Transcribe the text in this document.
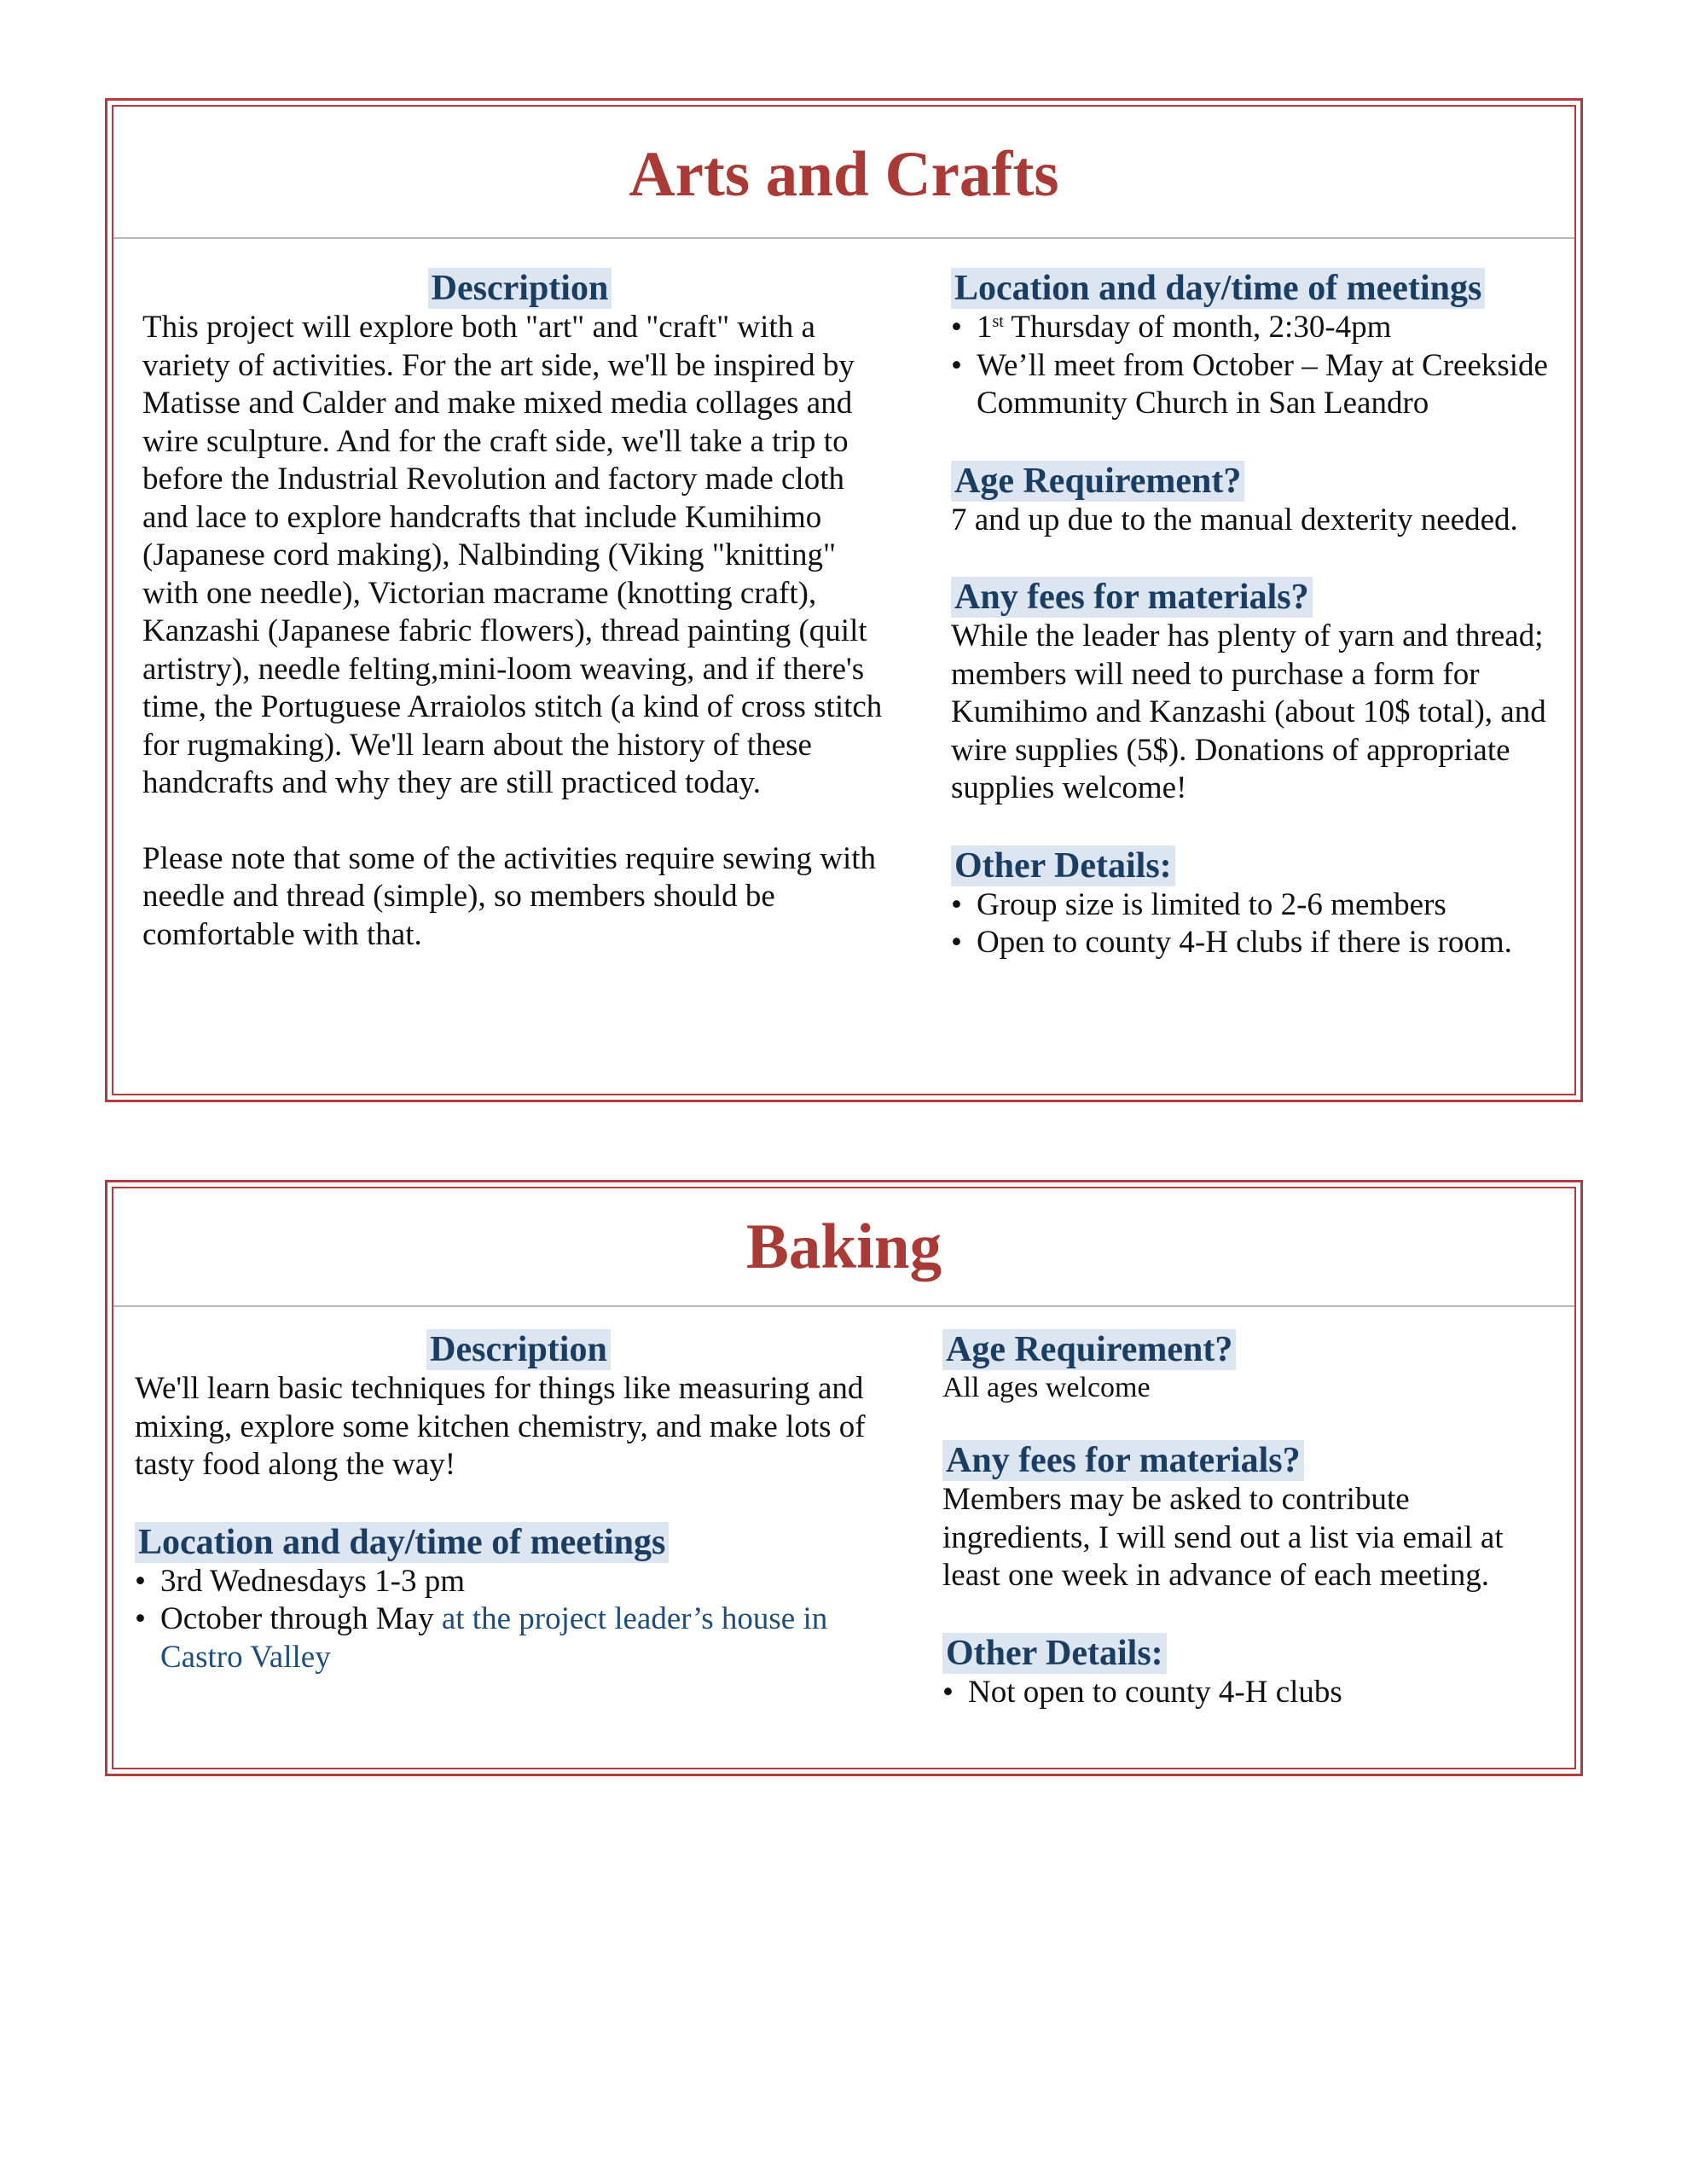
Arts and Crafts
Description

This project will explore both "art" and "craft" with a variety of activities. For the art side, we'll be inspired by Matisse and Calder and make mixed media collages and wire sculpture. And for the craft side, we'll take a trip to before the Industrial Revolution and factory made cloth and lace to explore handcrafts that include Kumihimo (Japanese cord making), Nalbinding (Viking "knitting" with one needle), Victorian macrame (knotting craft), Kanzashi (Japanese fabric flowers), thread painting (quilt artistry), needle felting,mini-loom weaving, and if there's time, the Portuguese Arraiolos stitch (a kind of cross stitch for rugmaking). We'll learn about the history of these handcrafts and why they are still practiced today.

Please note that some of the activities require sewing with needle and thread (simple), so members should be comfortable with that.

Location and day/time of meetings
• 1st Thursday of month, 2:30-4pm
• We’ll meet from October – May at Creekside Community Church in San Leandro
Age Requirement?

7 and up due to the manual dexterity needed.

Any fees for materials?

While the leader has plenty of yarn and thread; members will need to purchase a form for Kumihimo and Kanzashi (about 10$ total), and wire supplies (5$). Donations of appropriate supplies welcome!

Other Details:
• Group size is limited to 2-6 members
• Open to county 4-H clubs if there is room.
Baking
Description

We'll learn basic techniques for things like measuring and mixing, explore some kitchen chemistry, and make lots of tasty food along the way!

Location and day/time of meetings
• 3rd Wednesdays 1-3 pm
• October through May at the project leader’s house in Castro Valley
Age Requirement?

All ages welcome

Any fees for materials?

Members may be asked to contribute ingredients, I will send out a list via email at least one week in advance of each meeting.

Other Details:
• Not open to county 4-H clubs
